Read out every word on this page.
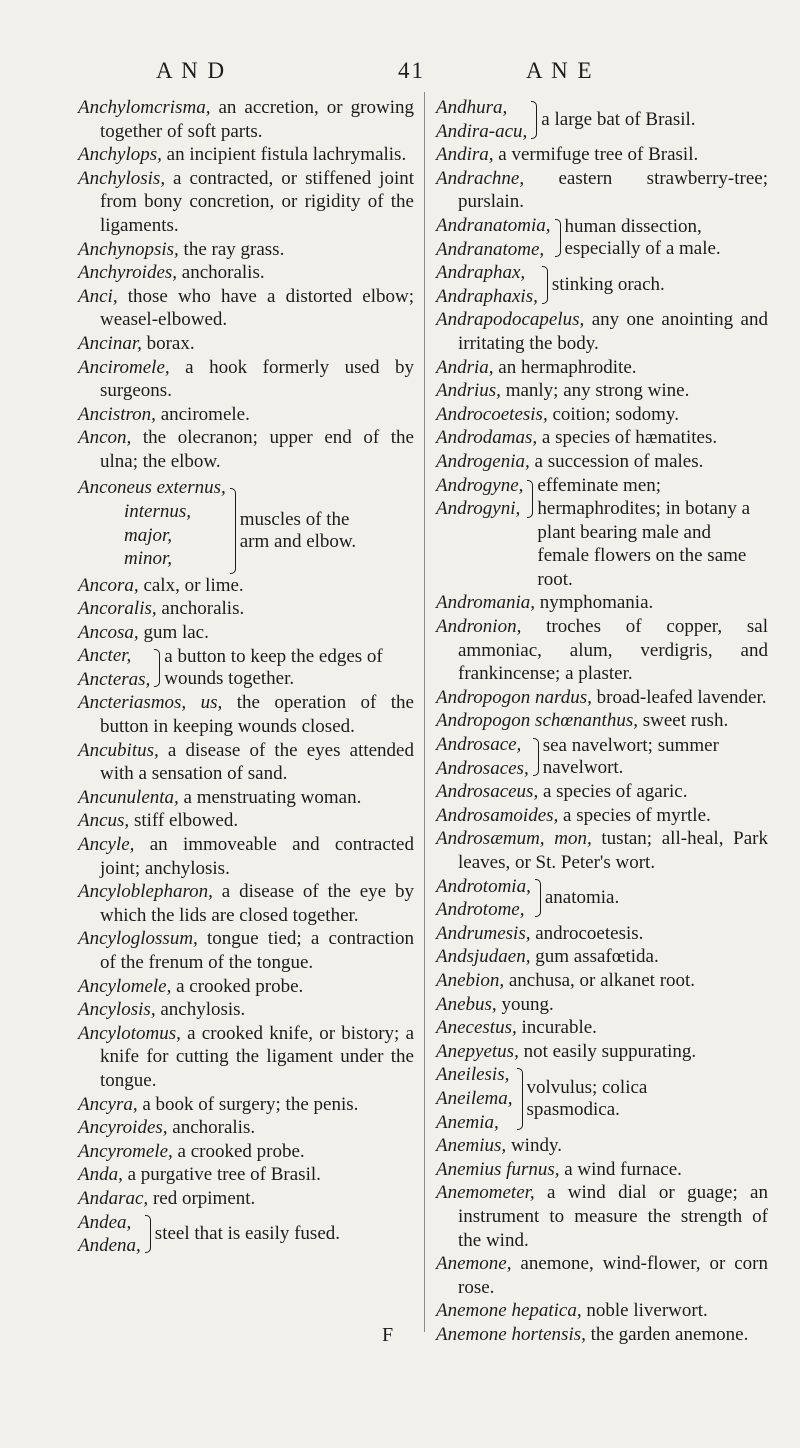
A N D	41	A N E

Anchylomcrisma, an accretion, or growing together of soft parts.

Anchylops, an incipient fistula lachrymalis.

Anchylosis, a contracted, or stiffened joint from bony concretion, or rigidity of the ligaments.

Anchynopsis, the ray grass.

Anchyroides, anchoralis.

Anci, those who have a distorted elbow; weasel-elbowed.

Ancinar, borax.

Anciromele, a hook formerly used by surgeons.

Ancistron, anciromele.

Ancon, the olecranon; upper end of the ulna; the elbow.

Anconeus externus,
internus,
major,
minor,
muscles of the arm and elbow.

Ancora, calx, or lime.

Ancoralis, anchoralis.

Ancosa, gum lac.

Ancter,
Ancteras,
a button to keep the edges of wounds together.

Ancteriasmos, us, the operation of the button in keeping wounds closed.

Ancubitus, a disease of the eyes attended with a sensation of sand.

Ancunulenta, a menstruating woman.

Ancus, stiff elbowed.

Ancyle, an immoveable and contracted joint; anchylosis.

Ancyloblepharon, a disease of the eye by which the lids are closed together.

Ancyloglossum, tongue tied; a contraction of the frenum of the tongue.

Ancylomele, a crooked probe.

Ancylosis, anchylosis.

Ancylotomus, a crooked knife, or bistory; a knife for cutting the ligament under the tongue.

Ancyra, a book of surgery; the penis.

Ancyroides, anchoralis.

Ancyromele, a crooked probe.

Anda, a purgative tree of Brasil.

Andarac, red orpiment.

Andea,
Andena,
steel that is easily fused.
Andhura,
Andira-acu,
a large bat of Brasil.

Andira, a vermifuge tree of Brasil.

Andrachne, eastern strawberry-tree; purslain.

Andranatomia,
Andranatome,
human dissection, especially of a male.
Andraphax,
Andraphaxis,
stinking orach.

Andrapodocapelus, any one anointing and irritating the body.

Andria, an hermaphrodite.

Andrius, manly; any strong wine.

Androcoetesis, coition; sodomy.

Androdamas, a species of hæmatites.

Androgenia, a succession of males.

Androgyne,
Androgyni,
effeminate men; hermaphrodites; in botany a plant bearing male and female flowers on the same root.

Andromania, nymphomania.

Andronion, troches of copper, sal ammoniac, alum, verdigris, and frankincense; a plaster.

Andropogon nardus, broad-leafed lavender.

Andropogon schœnanthus, sweet rush.

Androsace,
Androsaces,
sea navelwort; summer navelwort.

Androsaceus, a species of agaric.

Androsamoides, a species of myrtle.

Androsæmum, mon, tustan; all-heal, Park leaves, or St. Peter's wort.

Androtomia,
Androtome,
anatomia.

Andrumesis, androcoetesis.

Andsjudaen, gum assafœtida.

Anebion, anchusa, or alkanet root.

Anebus, young.

Anecestus, incurable.

Anepyetus, not easily suppurating.

Aneilesis,
Aneilema,
Anemia,
volvulus; colica spasmodica.

Anemius, windy.

Anemius furnus, a wind furnace.

Anemometer, a wind dial or guage; an instrument to measure the strength of the wind.

Anemone, anemone, wind-flower, or corn rose.

Anemone hepatica, noble liverwort.

Anemone hortensis, the garden anemone.

F
